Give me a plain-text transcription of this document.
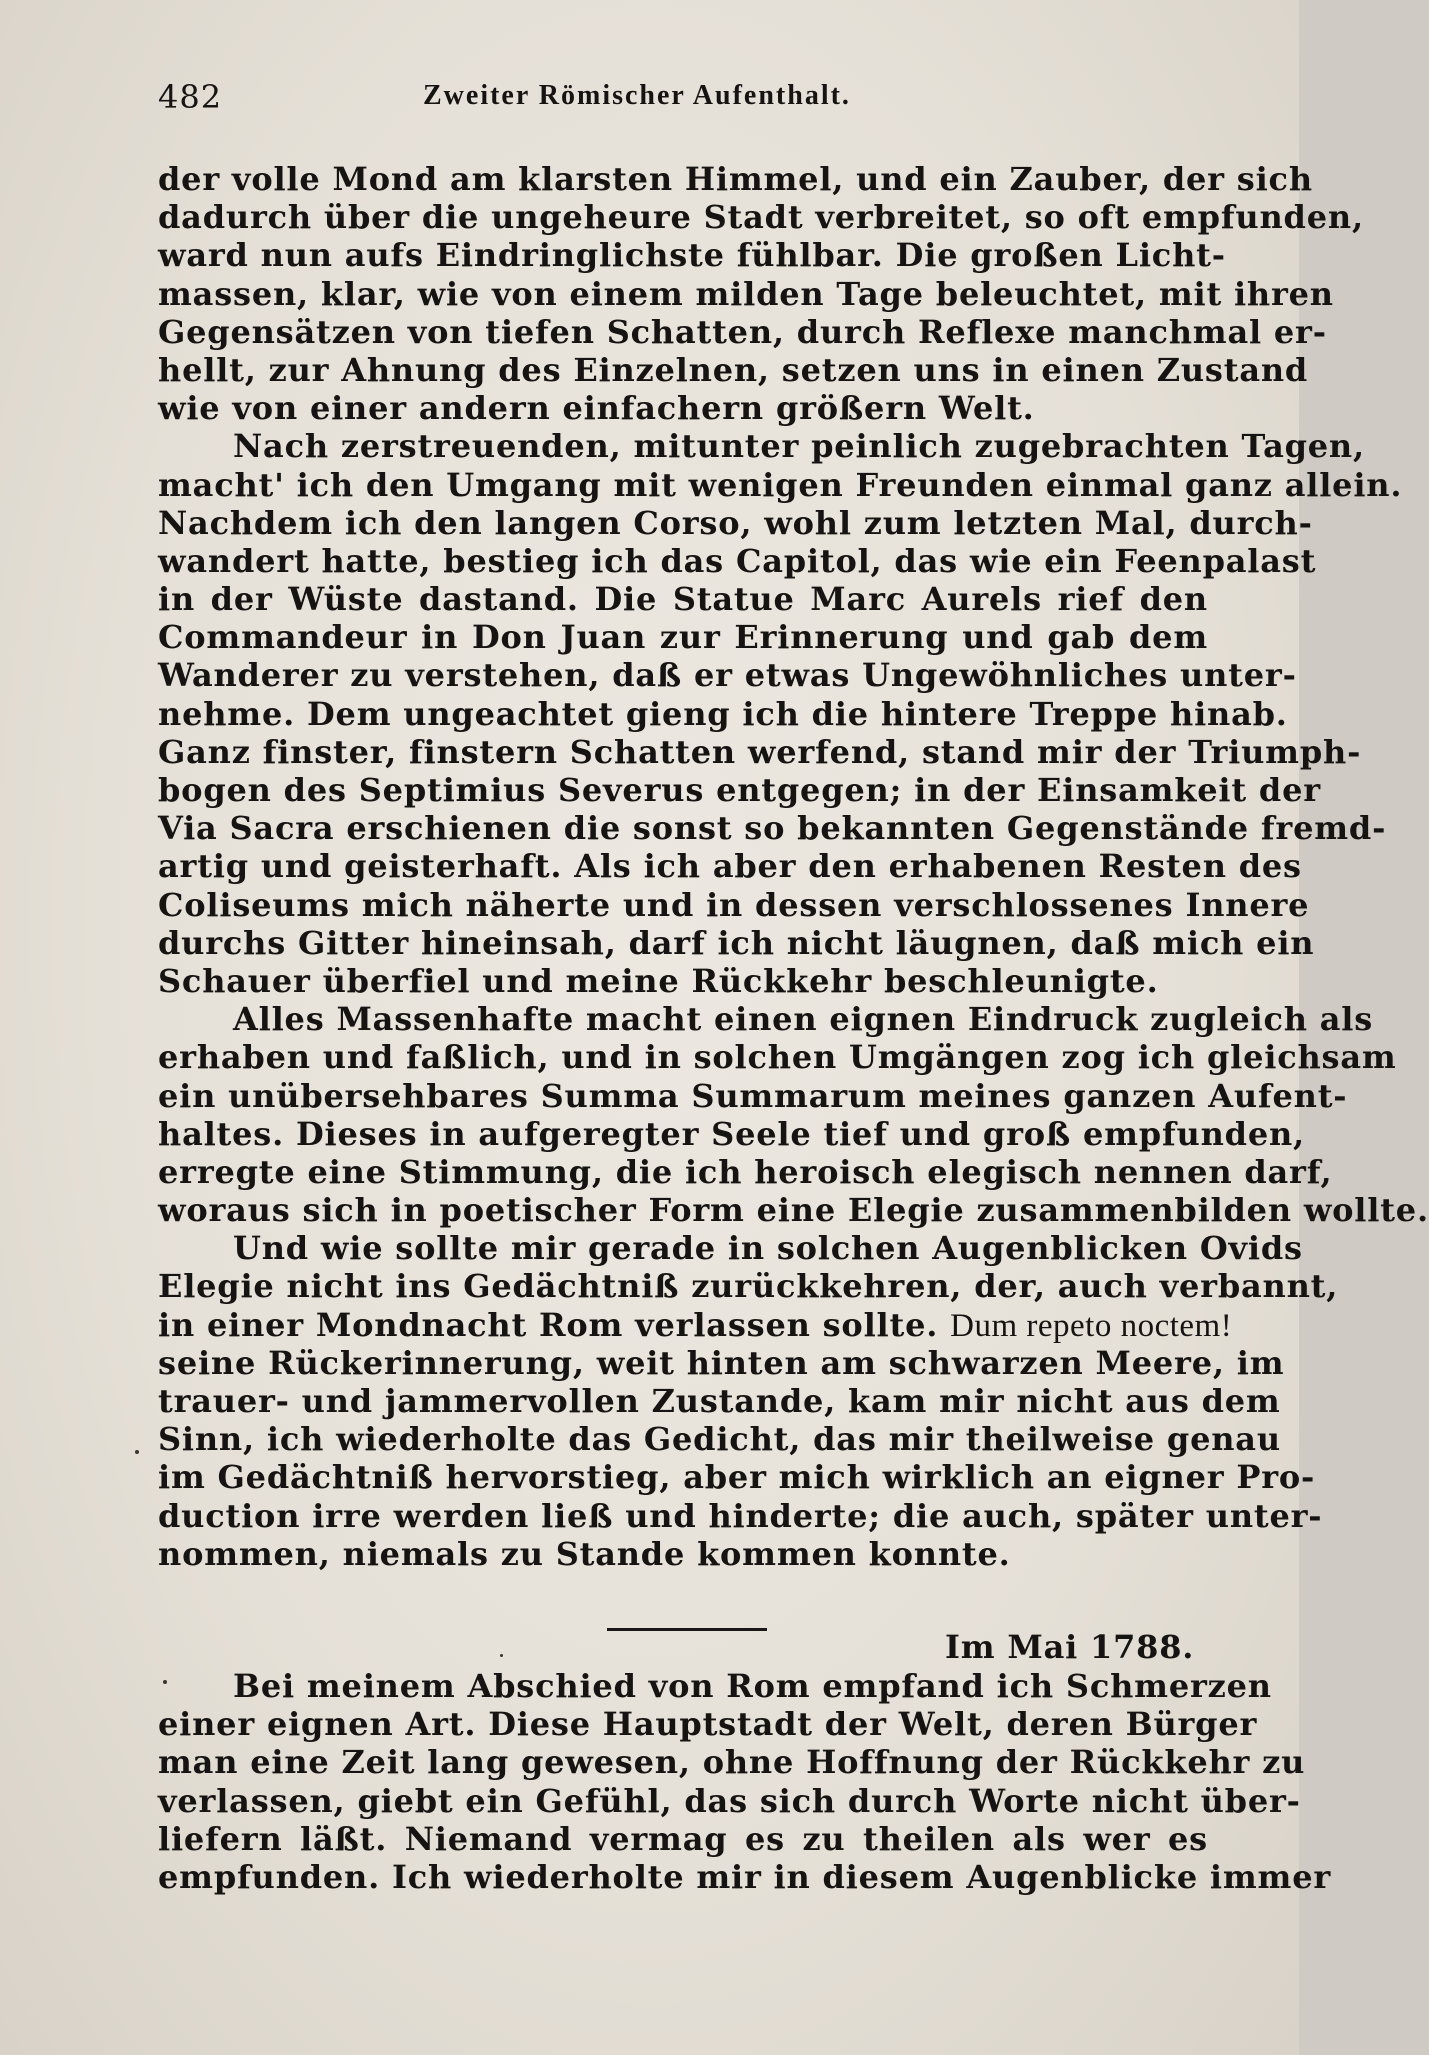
482	Zweiter Römischer Aufenthalt.
der volle Mond am klarsten Himmel, und ein Zauber, der sich
dadurch über die ungeheure Stadt verbreitet, so oft empfunden,
ward nun aufs Eindringlichste fühlbar. Die großen Licht-
massen, klar, wie von einem milden Tage beleuchtet, mit ihren
Gegensätzen von tiefen Schatten, durch Reflexe manchmal er-
hellt, zur Ahnung des Einzelnen, setzen uns in einen Zustand
wie von einer andern einfachern größern Welt.
Nach zerstreuenden, mitunter peinlich zugebrachten Tagen,
macht' ich den Umgang mit wenigen Freunden einmal ganz allein.
Nachdem ich den langen Corso, wohl zum letzten Mal, durch-
wandert hatte, bestieg ich das Capitol, das wie ein Feenpalast
in der Wüste dastand. Die Statue Marc Aurels rief den
Commandeur in Don Juan zur Erinnerung und gab dem
Wanderer zu verstehen, daß er etwas Ungewöhnliches unter-
nehme. Dem ungeachtet gieng ich die hintere Treppe hinab.
Ganz finster, finstern Schatten werfend, stand mir der Triumph-
bogen des Septimius Severus entgegen; in der Einsamkeit der
Via Sacra erschienen die sonst so bekannten Gegenstände fremd-
artig und geisterhaft. Als ich aber den erhabenen Resten des
Coliseums mich näherte und in dessen verschlossenes Innere
durchs Gitter hineinsah, darf ich nicht läugnen, daß mich ein
Schauer überfiel und meine Rückkehr beschleunigte.
Alles Massenhafte macht einen eignen Eindruck zugleich als
erhaben und faßlich, und in solchen Umgängen zog ich gleichsam
ein unübersehbares Summa Summarum meines ganzen Aufent-
haltes. Dieses in aufgeregter Seele tief und groß empfunden,
erregte eine Stimmung, die ich heroisch elegisch nennen darf,
woraus sich in poetischer Form eine Elegie zusammenbilden wollte.
Und wie sollte mir gerade in solchen Augenblicken Ovids
Elegie nicht ins Gedächtniß zurückkehren, der, auch verbannt,
in einer Mondnacht Rom verlassen sollte. Dum repeto noctem!
seine Rückerinnerung, weit hinten am schwarzen Meere, im
trauer- und jammervollen Zustande, kam mir nicht aus dem
Sinn, ich wiederholte das Gedicht, das mir theilweise genau
im Gedächtniß hervorstieg, aber mich wirklich an eigner Pro-
duction irre werden ließ und hinderte; die auch, später unter-
nommen, niemals zu Stande kommen konnte.
Im Mai 1788.
Bei meinem Abschied von Rom empfand ich Schmerzen
einer eignen Art. Diese Hauptstadt der Welt, deren Bürger
man eine Zeit lang gewesen, ohne Hoffnung der Rückkehr zu
verlassen, giebt ein Gefühl, das sich durch Worte nicht über-
liefern läßt. Niemand vermag es zu theilen als wer es
empfunden. Ich wiederholte mir in diesem Augenblicke immer
